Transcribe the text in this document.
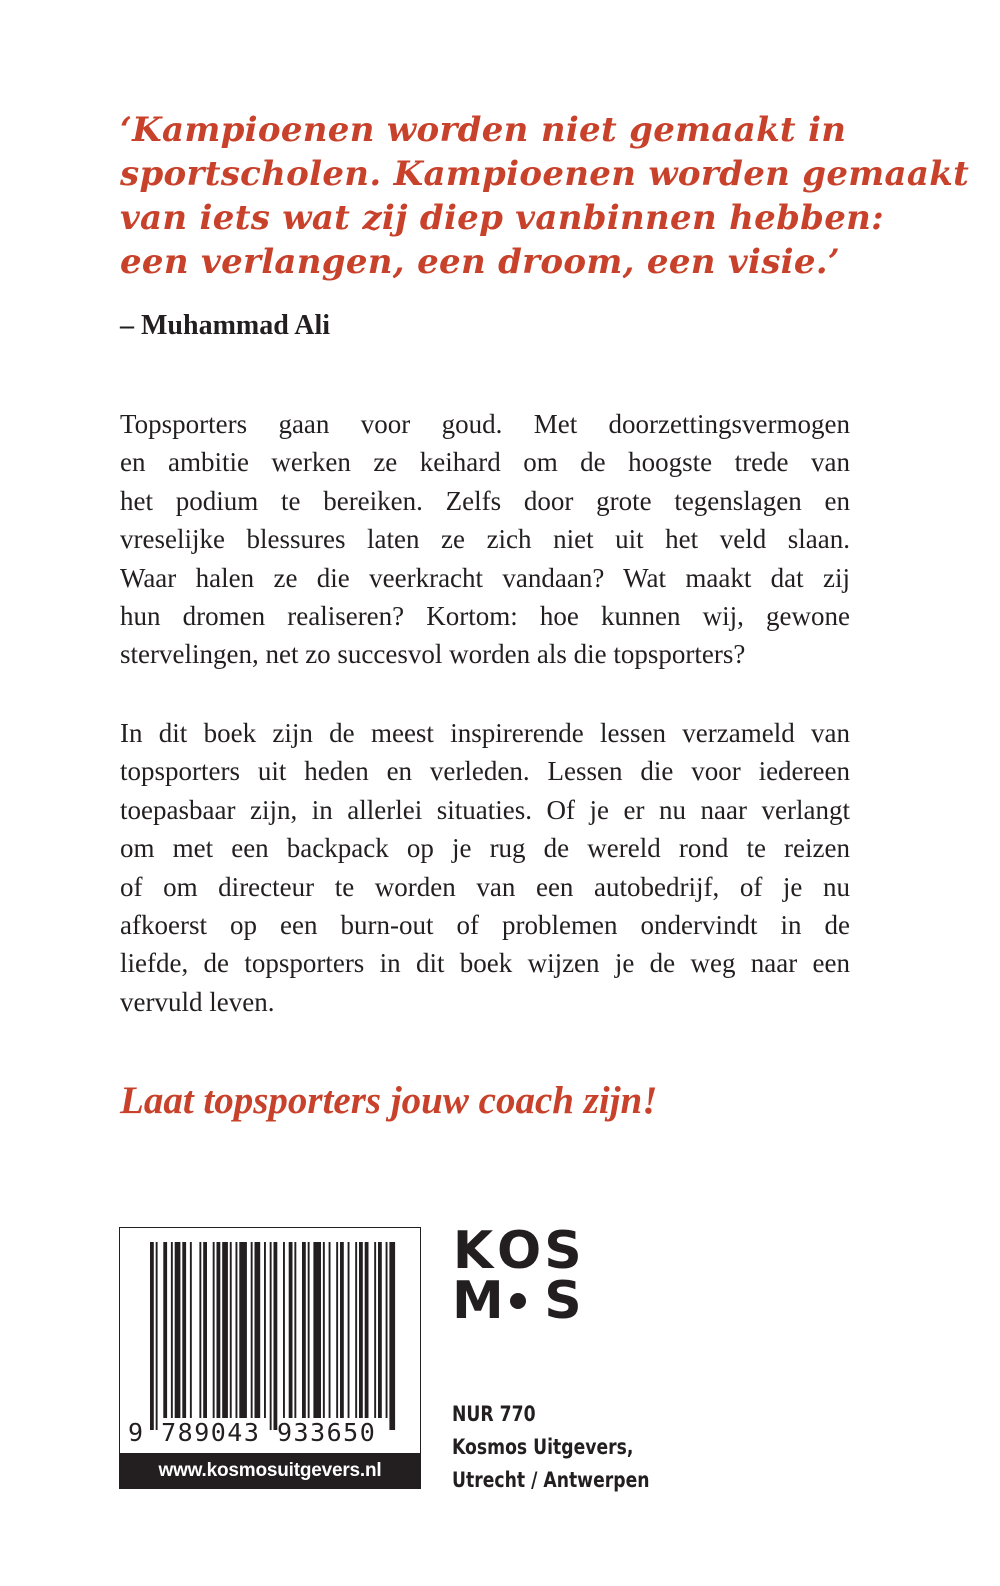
‘Kampioenen worden niet gemaakt in
sportscholen. Kampioenen worden gemaakt
van iets wat zij diep vanbinnen hebben:
een verlangen, een droom, een visie.’
– Muhammad Ali

Topsporters gaan voor goud. Met doorzettingsvermogen
en ambitie werken ze keihard om de hoogste trede van
het podium te bereiken. Zelfs door grote tegenslagen en
vreselijke blessures laten ze zich niet uit het veld slaan.
Waar halen ze die veerkracht vandaan? Wat maakt dat zij
hun dromen realiseren? Kortom: hoe kunnen wij, gewone
stervelingen, net zo succesvol worden als die topsporters?

In dit boek zijn de meest inspirerende lessen verzameld van
topsporters uit heden en verleden. Lessen die voor iedereen
toepasbaar zijn, in allerlei situaties. Of je er nu naar verlangt
om met een backpack op je rug de wereld rond te reizen
of om directeur te worden van een autobedrijf, of je nu
afkoerst op een burn-out of problemen ondervindt in de
liefde, de topsporters in dit boek wijzen je de weg naar een
vervuld leven.

Laat topsporters jouw coach zijn!
9 789043 933650
www.kosmosuitgevers.nl
K O S
M S
NUR 770
Kosmos Uitgevers,
Utrecht / Antwerpen
